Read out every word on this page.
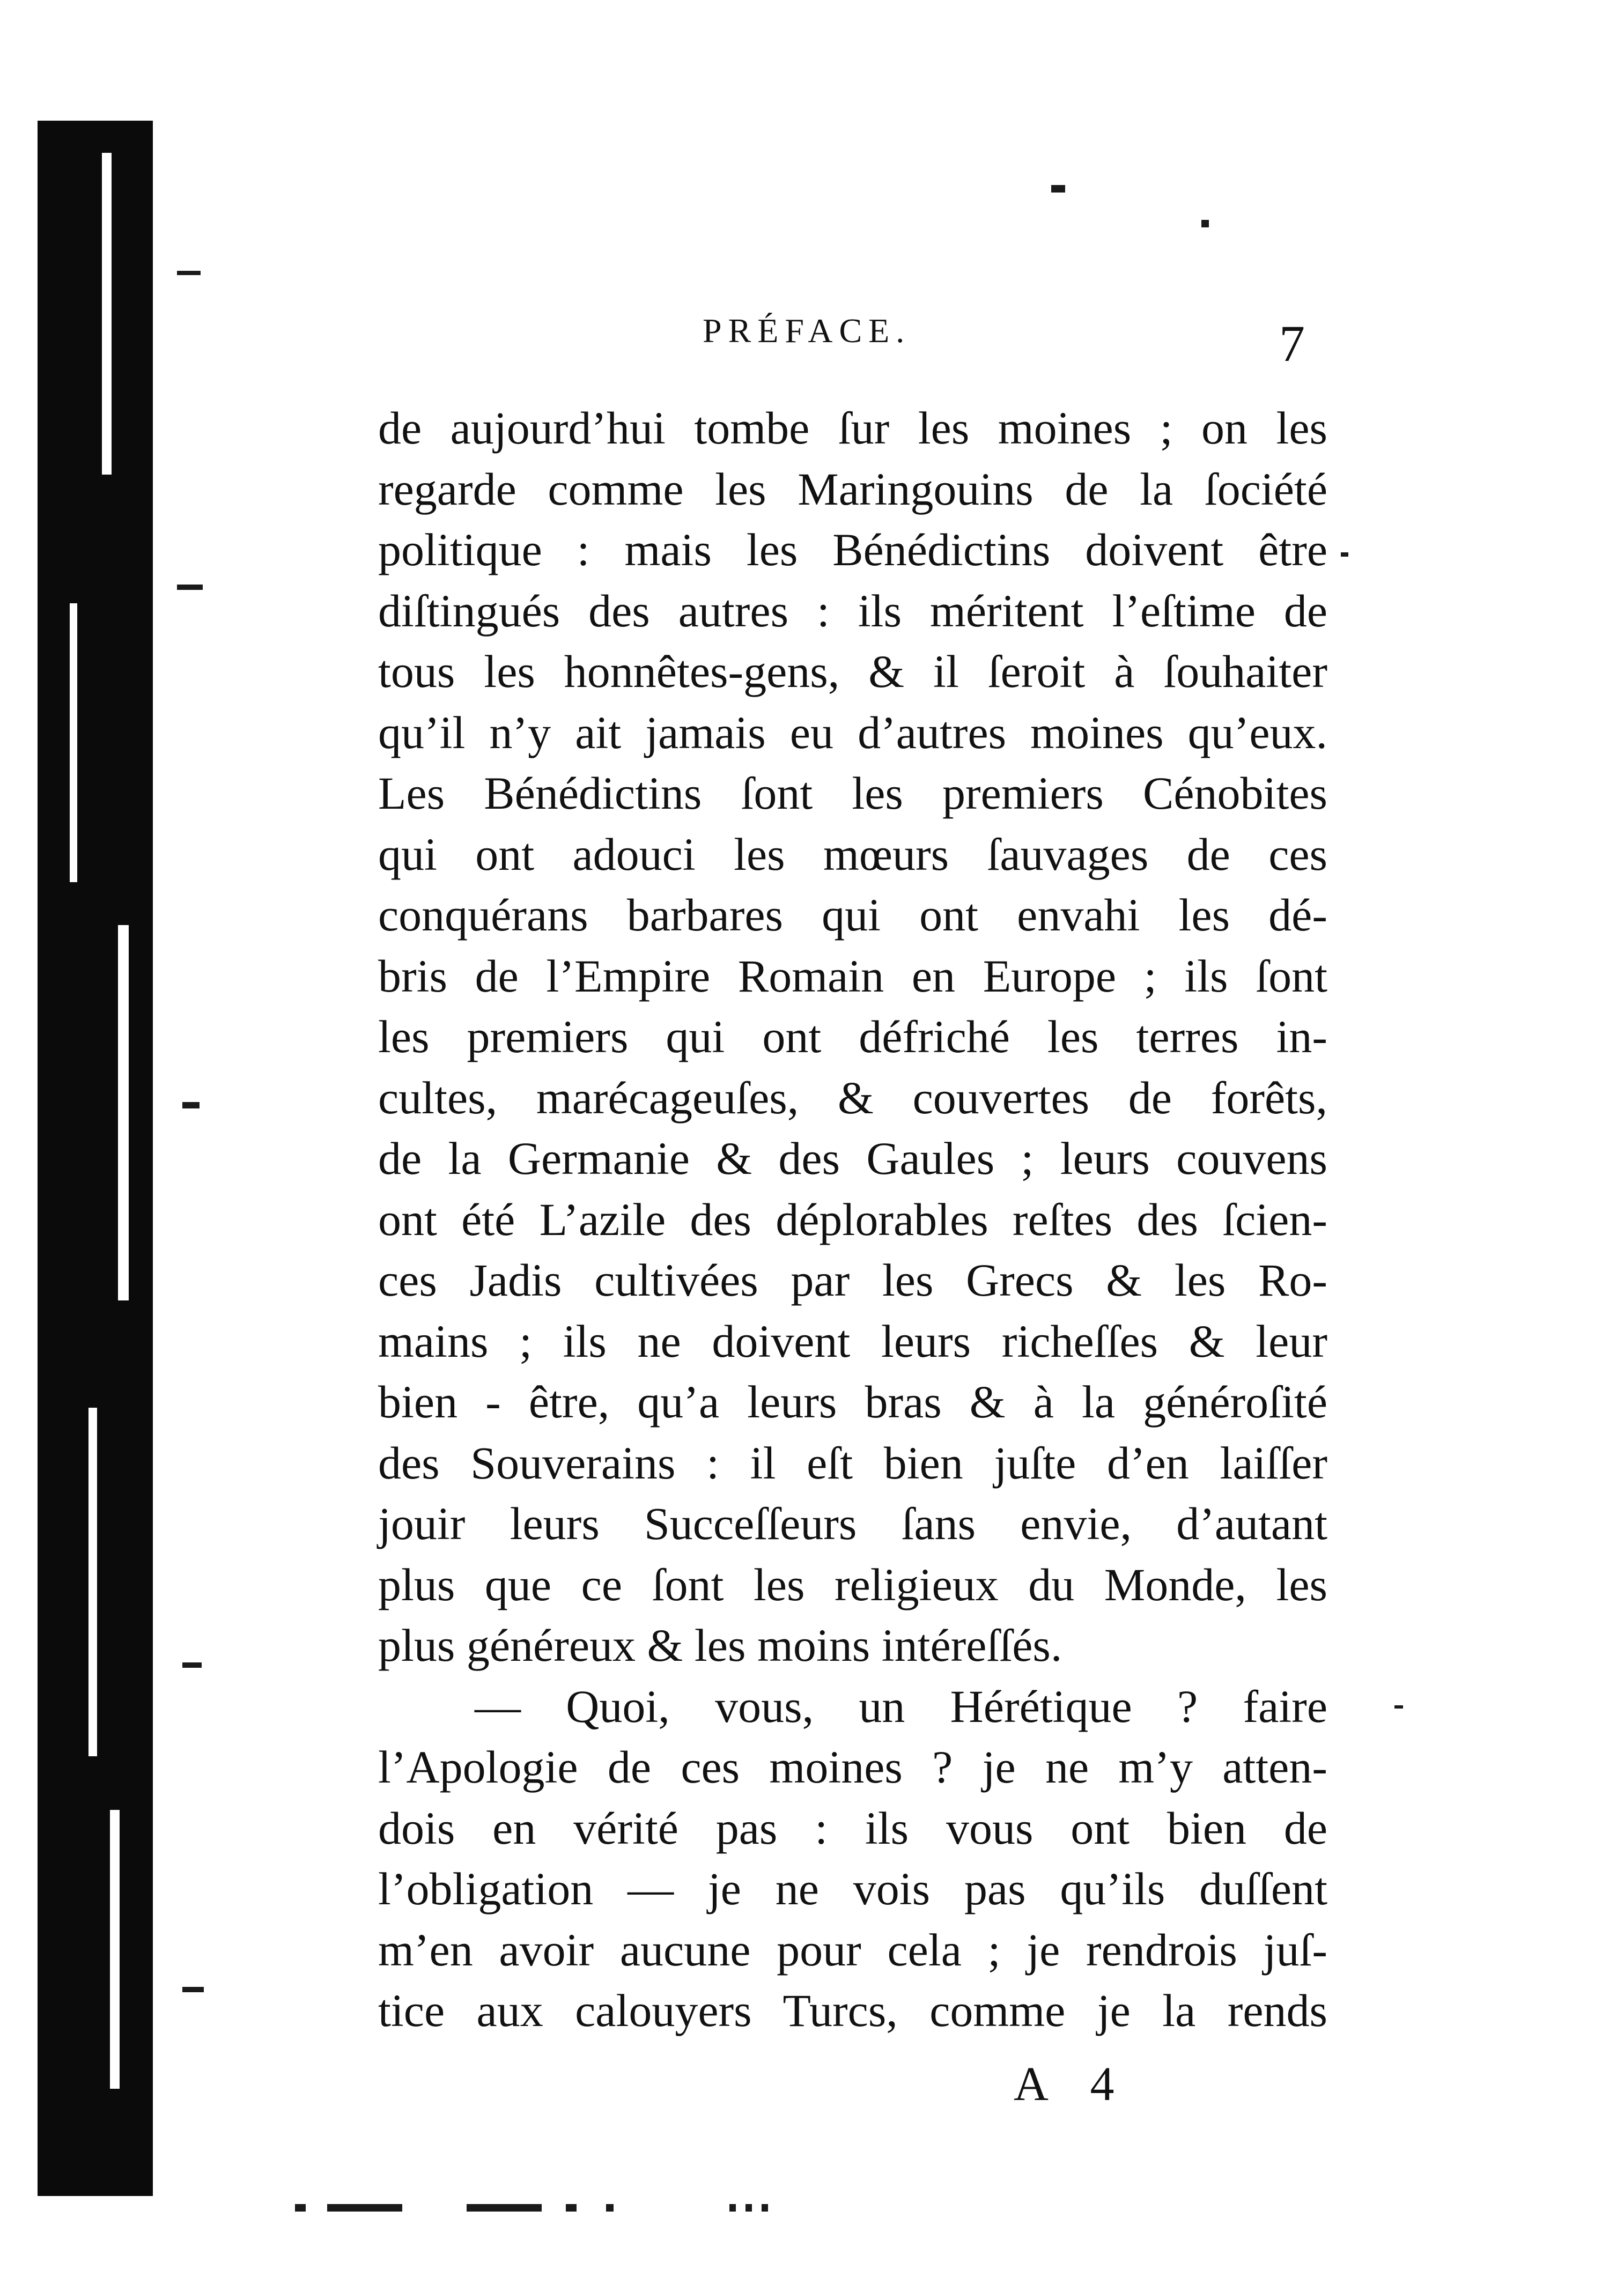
PRÉFACE.	7
de aujourd’hui tombe ſur les moines ; on les
regarde comme les Maringouins de la ſociété
politique : mais les Bénédictins doivent être
diſtingués des autres : ils méritent l’eſtime de
tous les honnêtes-gens, & il ſeroit à ſouhaiter
qu’il n’y ait jamais eu d’autres moines qu’eux.
Les Bénédictins ſont les premiers Cénobites
qui ont adouci les mœurs ſauvages de ces
conquérans barbares qui ont envahi les dé-
bris de l’Empire Romain en Europe ; ils ſont
les premiers qui ont défriché les terres in-
cultes, marécageuſes, & couvertes de forêts,
de la Germanie & des Gaules ; leurs couvens
ont été L’azile des déplorables reſtes des ſcien-
ces Jadis cultivées par les Grecs & les Ro-
mains ; ils ne doivent leurs richeſſes & leur
bien - être, qu’a leurs bras & à la généroſité
des Souverains : il eſt bien juſte d’en laiſſer
jouir leurs Succeſſeurs ſans envie, d’autant
plus que ce ſont les religieux du Monde, les
plus généreux & les moins intéreſſés.
— Quoi, vous, un Hérétique ? faire
l’Apologie de ces moines ? je ne m’y atten-
dois en vérité pas : ils vous ont bien de
l’obligation — je ne vois pas qu’ils duſſent
m’en avoir aucune pour cela ; je rendrois juſ-
tice aux calouyers Turcs, comme je la rends
A 4
